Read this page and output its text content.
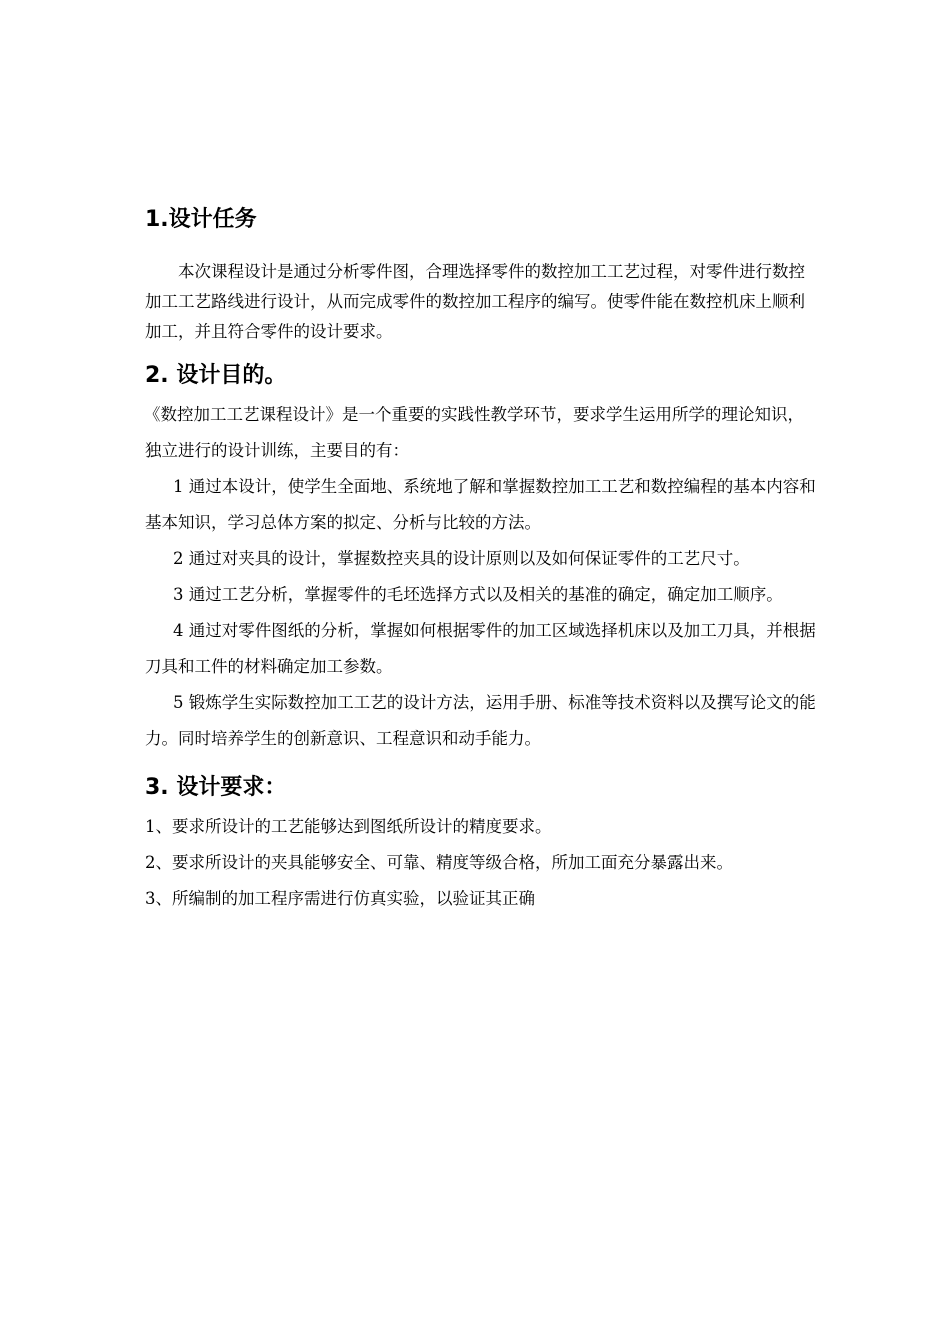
1.设计任务

本次课程设计是通过分析零件图，合理选择零件的数控加工工艺过程，对零件进行数控加工工艺路线进行设计，从而完成零件的数控加工程序的编写。使零件能在数控机床上顺利加工，并且符合零件的设计要求。

2. 设计目的。

《数控加工工艺课程设计》是一个重要的实践性教学环节，要求学生运用所学的理论知识，独立进行的设计训练，主要目的有：

1 通过本设计，使学生全面地、系统地了解和掌握数控加工工艺和数控编程的基本内容和基本知识，学习总体方案的拟定、分析与比较的方法。

2 通过对夹具的设计，掌握数控夹具的设计原则以及如何保证零件的工艺尺寸。

3 通过工艺分析，掌握零件的毛坯选择方式以及相关的基准的确定，确定加工顺序。

4 通过对零件图纸的分析，掌握如何根据零件的加工区域选择机床以及加工刀具，并根据刀具和工件的材料确定加工参数。

5 锻炼学生实际数控加工工艺的设计方法，运用手册、标准等技术资料以及撰写论文的能力。同时培养学生的创新意识、工程意识和动手能力。

3. 设计要求：

1、要求所设计的工艺能够达到图纸所设计的精度要求。

2、要求所设计的夹具能够安全、可靠、精度等级合格，所加工面充分暴露出来。

3、所编制的加工程序需进行仿真实验，以验证其正确
